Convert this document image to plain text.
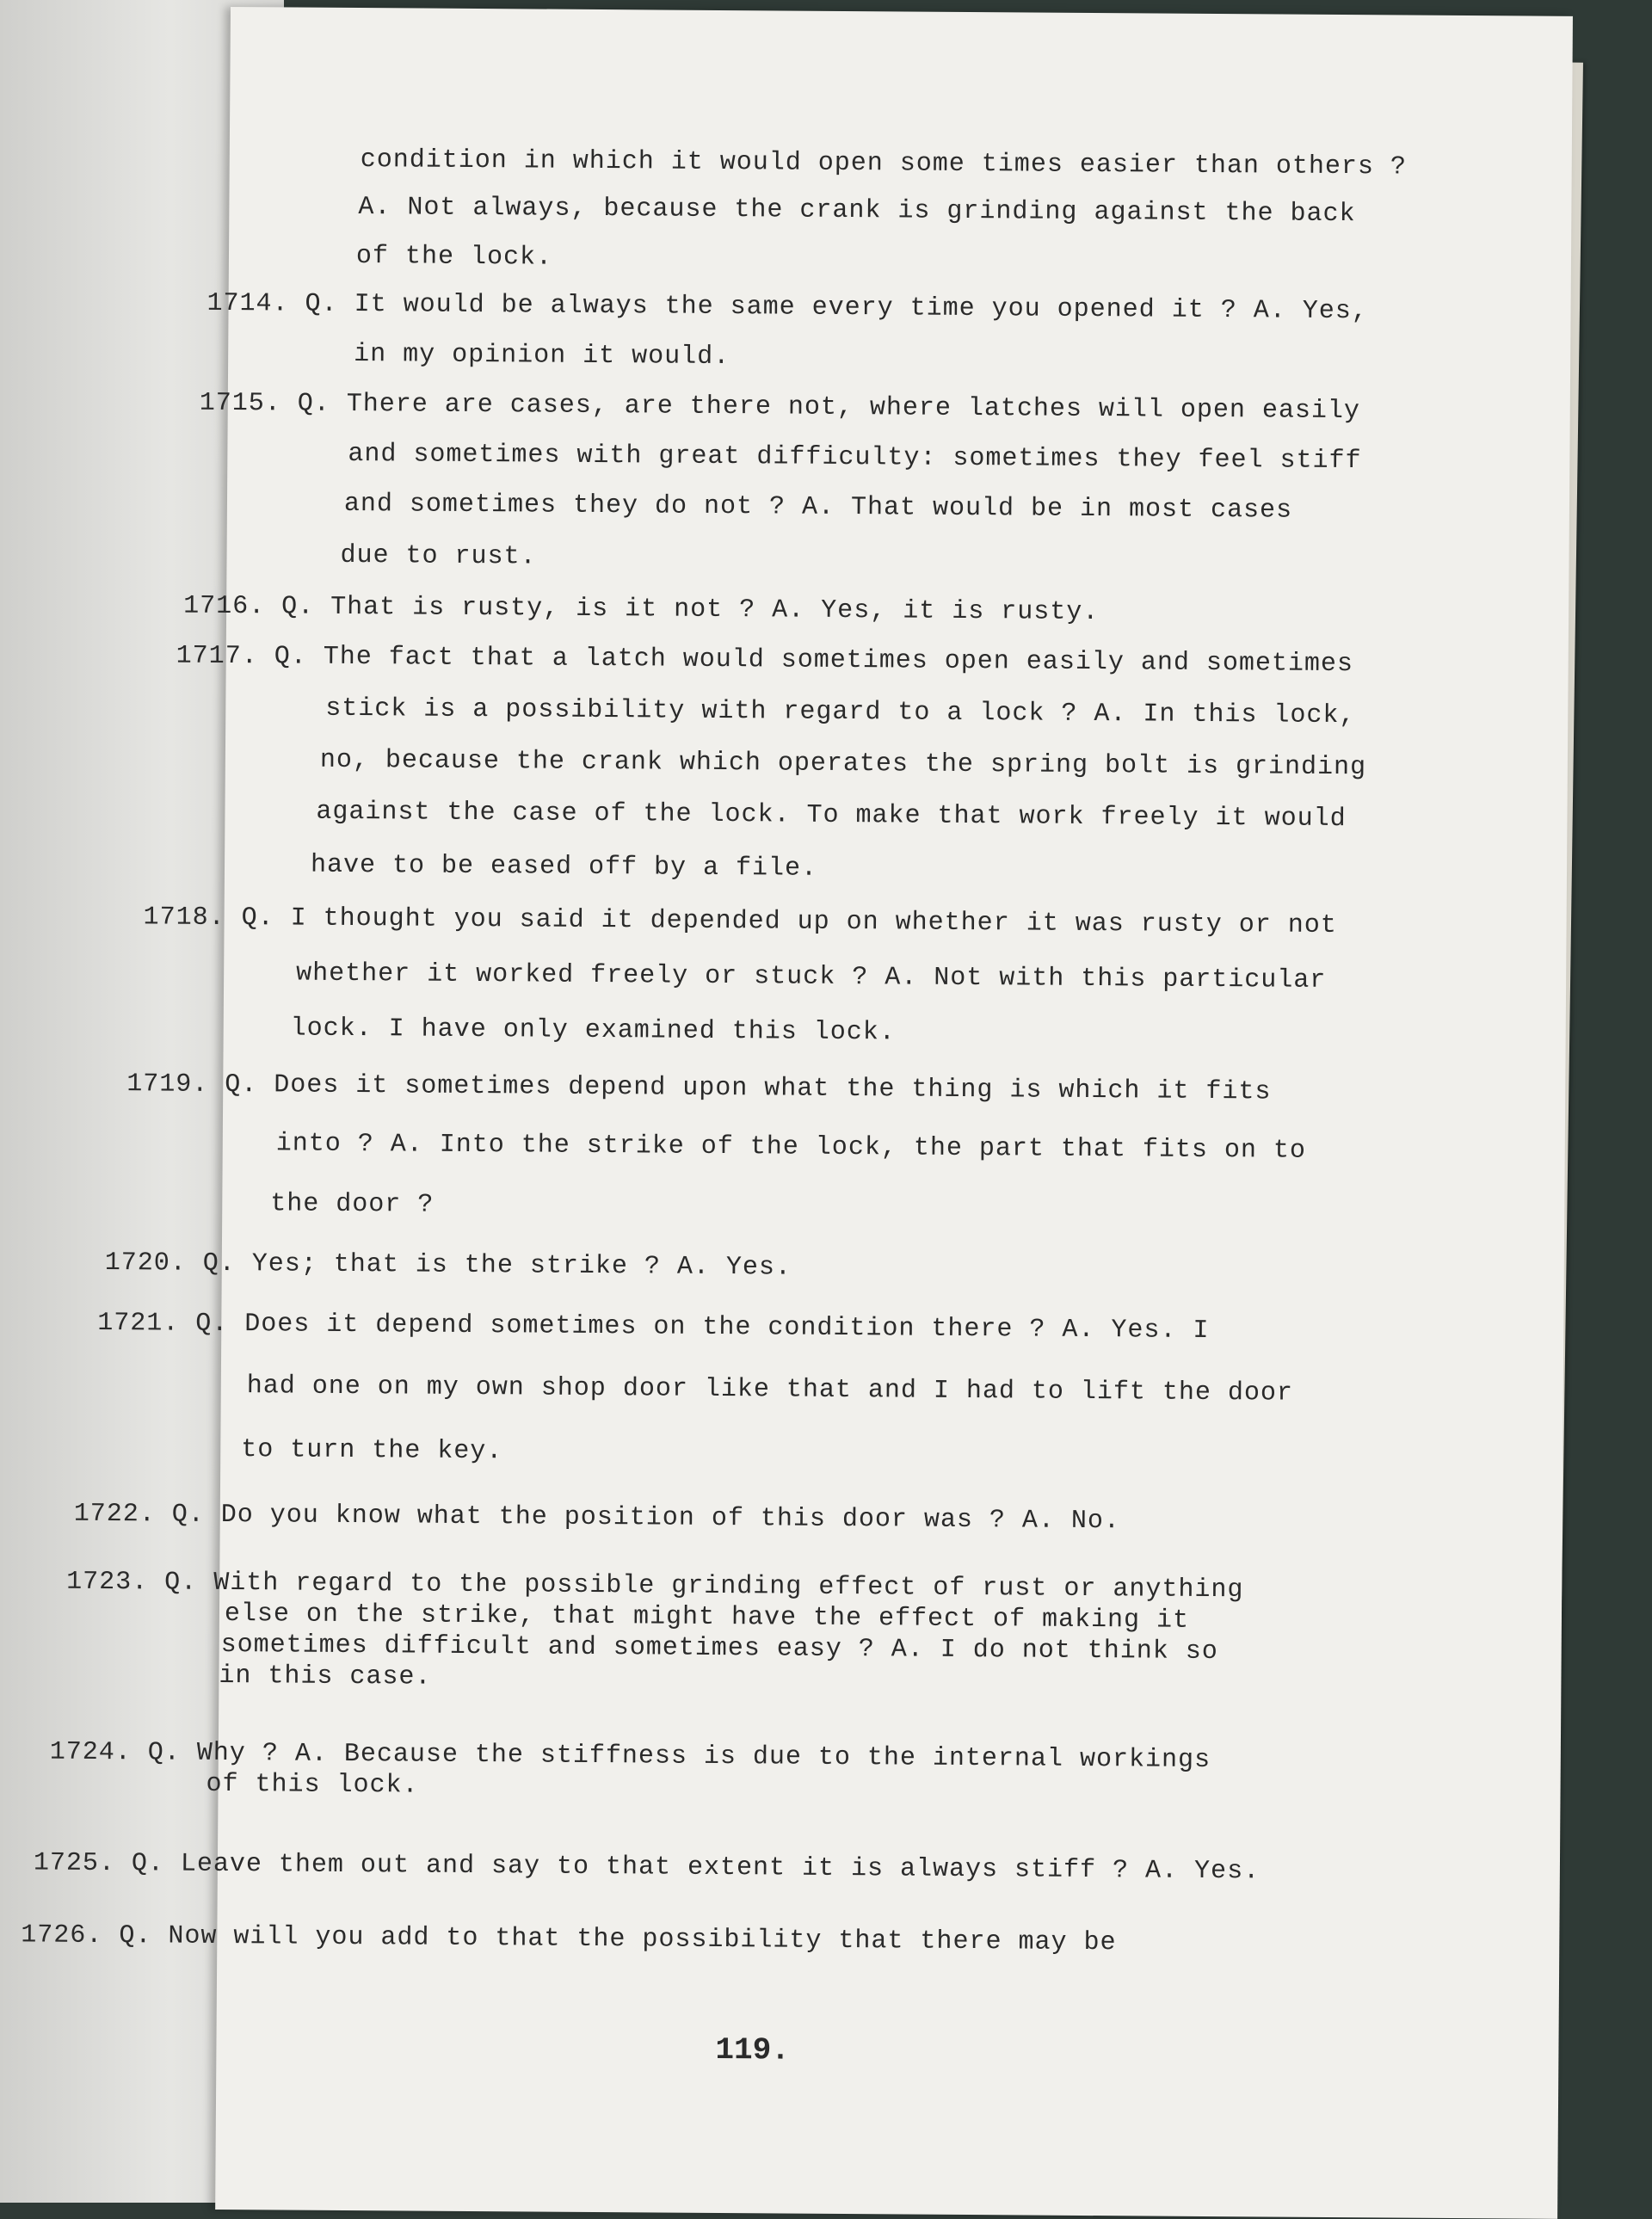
condition in which it would open some times easier than others ?
A. Not always, because the crank is grinding against the back
of the lock.
1714. Q. It would be always the same every time you opened it ? A. Yes,
in my opinion it would.
1715. Q. There are cases, are there not, where latches will open easily
and sometimes with great difficulty: sometimes they feel stiff
and sometimes they do not ? A. That would be in most cases
due to rust.
1716. Q. That is rusty, is it not ? A. Yes, it is rusty.
1717. Q. The fact that a latch would sometimes open easily and sometimes
stick is a possibility with regard to a lock ? A. In this lock,
no, because the crank which operates the spring bolt is grinding
against the case of the lock. To make that work freely it would
have to be eased off by a file.
1718. Q. I thought you said it depended up on whether it was rusty or not
whether it worked freely or stuck ? A. Not with this particular
lock. I have only examined this lock.
1719. Q. Does it sometimes depend upon what the thing is which it fits
into ? A. Into the strike of the lock, the part that fits on to
the door ?
1720. Q. Yes; that is the strike ? A. Yes.
1721. Q. Does it depend sometimes on the condition there ? A. Yes. I
had one on my own shop door like that and I had to lift the door
to turn the key.
1722. Q. Do you know what the position of this door was ? A. No.
1723. Q. With regard to the possible grinding effect of rust or anything
else on the strike, that might have the effect of making it
sometimes difficult and sometimes easy ? A. I do not think so
in this case.
1724. Q. Why ? A. Because the stiffness is due to the internal workings
of this lock.
1725. Q. Leave them out and say to that extent it is always stiff ? A. Yes.
1726. Q. Now will you add to that the possibility that there may be
119.
